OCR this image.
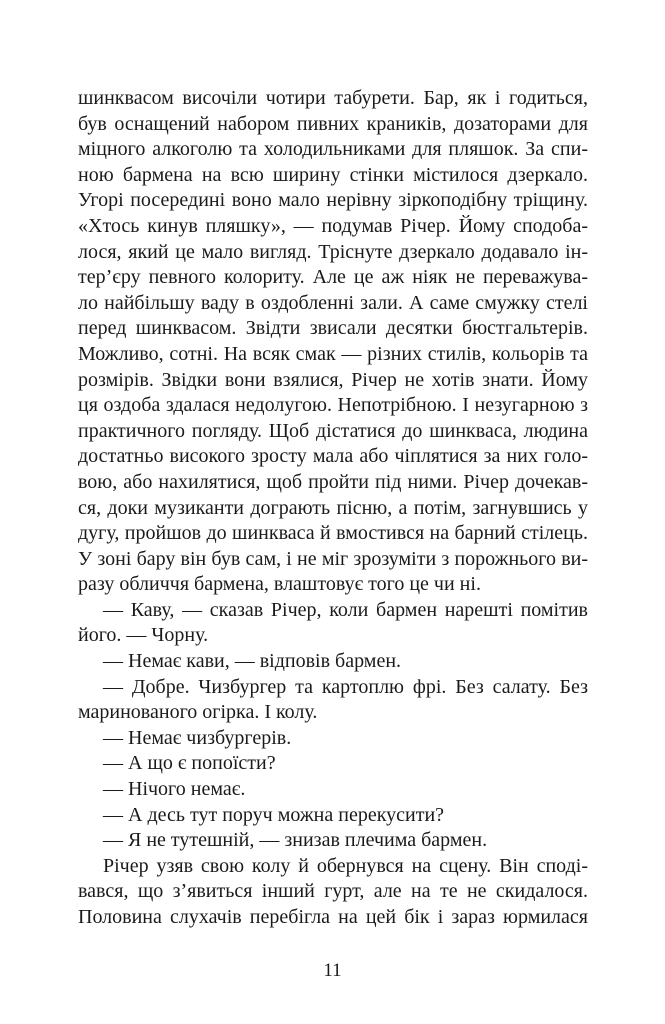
шинквасом височіли чотири табурети. Бар, як і годиться,
був оснащений набором пивних краників, дозаторами для
міцного алкоголю та холодильниками для пляшок. За спи-
ною бармена на всю ширину стінки містилося дзеркало.
Угорі посередині воно мало нерівну зіркоподібну тріщину.
«Хтось кинув пляшку», — подумав Річер. Йому сподоба-
лося, який це мало вигляд. Тріснуте дзеркало додавало ін-
тер’єру певного колориту. Але це аж ніяк не переважува-
ло найбільшу ваду в оздобленні зали. А саме смужку стелі
перед шинквасом. Звідти звисали десятки бюстгальтерів.
Можливо, сотні. На всяк смак — різних стилів, кольорів та
розмірів. Звідки вони взялися, Річер не хотів знати. Йому
ця оздоба здалася недолугою. Непотрібною. І незугарною з
практичного погляду. Щоб дістатися до шинкваса, людина
достатньо високого зросту мала або чіплятися за них голо-
вою, або нахилятися, щоб пройти під ними. Річер дочекав-
ся, доки музиканти дограють пісню, а потім, загнувшись у
дугу, пройшов до шинкваса й вмостився на барний стілець.
У зоні бару він був сам, і не міг зрозуміти з порожнього ви-
разу обличчя бармена, влаштовує того це чи ні.
— Каву, — сказав Річер, коли бармен нарешті помітив
його. — Чорну.
— Немає кави, — відповів бармен.
— Добре. Чизбургер та картоплю фрі. Без салату. Без
маринованого огірка. І колу.
— Немає чизбургерів.
— А що є попоїсти?
— Нічого немає.
— А десь тут поруч можна перекусити?
— Я не тутешній, — знизав плечима бармен.
Річер узяв свою колу й обернувся на сцену. Він споді-
вався, що з’явиться інший гурт, але на те не скидалося.
Половина слухачів перебігла на цей бік і зараз юрмилася
11
